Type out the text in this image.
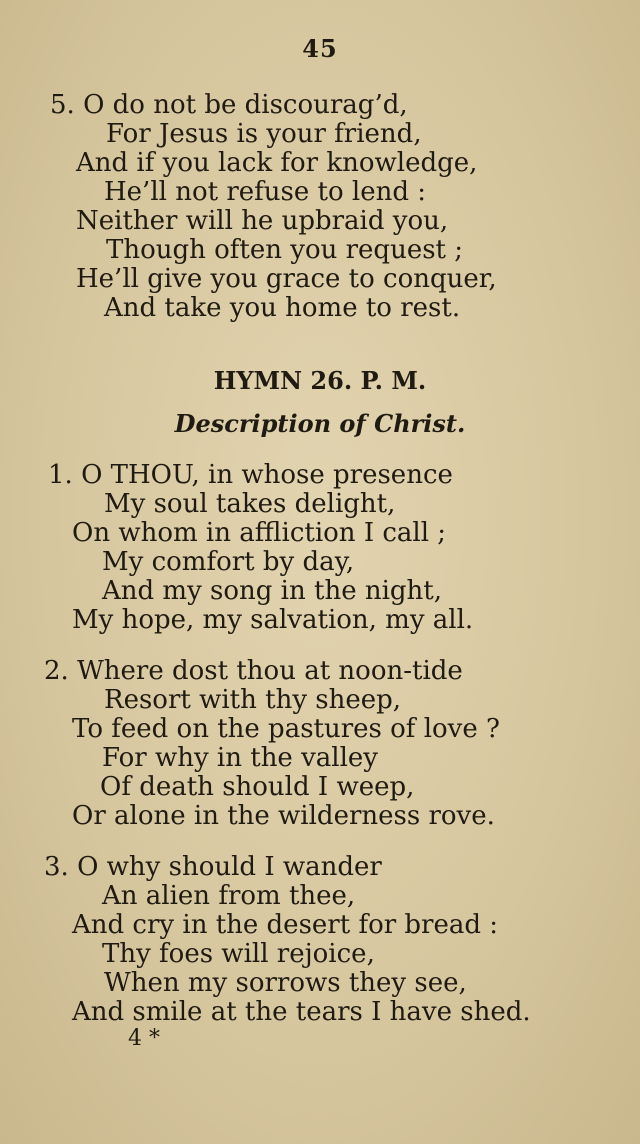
45
5. O do not be discourag’d,
For Jesus is your friend,
And if you lack for knowledge,
He’ll not refuse to lend :
Neither will he upbraid you,
Though often you request ;
He’ll give you grace to conquer,
And take you home to rest.
HYMN 26. P. M.
Description of Christ.
1. O THOU, in whose presence
My soul takes delight,
On whom in affliction I call ;
My comfort by day,
And my song in the night,
My hope, my salvation, my all.
2. Where dost thou at noon-tide
Resort with thy sheep,
To feed on the pastures of love ?
For why in the valley
Of death should I weep,
Or alone in the wilderness rove.
3. O why should I wander
An alien from thee,
And cry in the desert for bread :
Thy foes will rejoice,
When my sorrows they see,
And smile at the tears I have shed.
4 *
